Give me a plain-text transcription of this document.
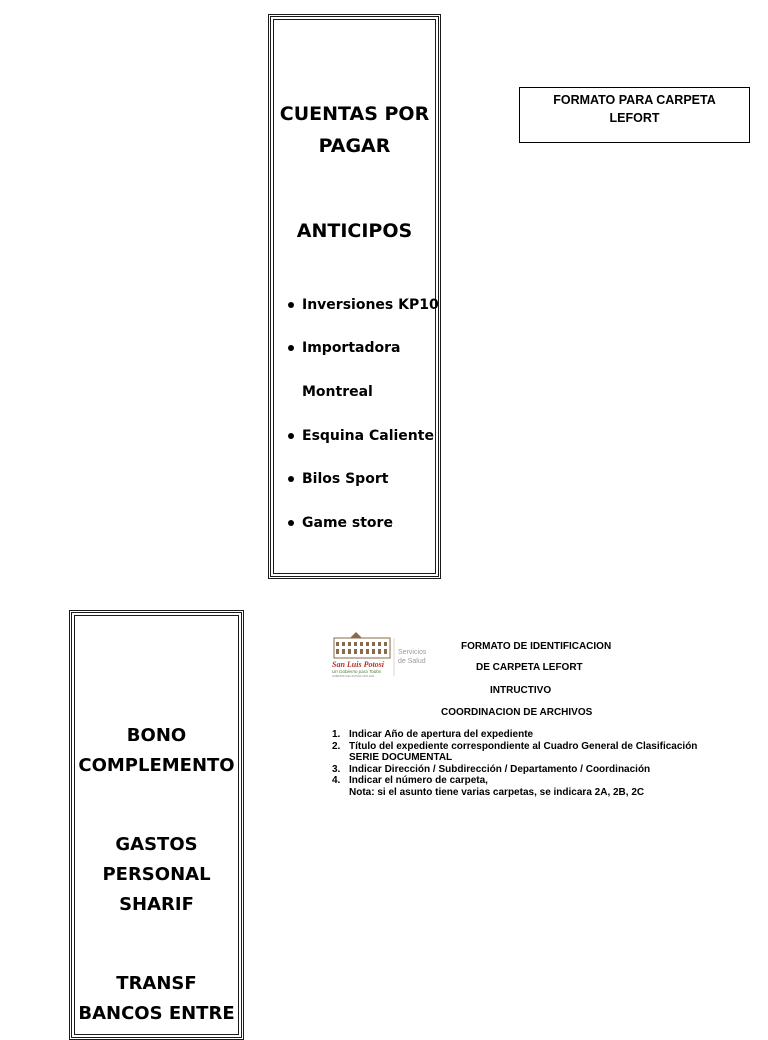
CUENTAS POR

PAGAR

ANTICIPOS

Inversiones KP10
Importadora
Montreal
Esquina Caliente
Bilos Sport
Game store
FORMATO PARA CARPETA
LEFORT

BONO

COMPLEMENTO

GASTOS

PERSONAL

SHARIF

TRANSF

BANCOS ENTRE

San Luis Potosí
Un Gobierno para Todos
GOBIERNO DEL ESTADO 2015-2021
Servicios
de Salud
FORMATO DE IDENTIFICACION
DE CARPETA LEFORT
INTRUCTIVO
COORDINACION DE ARCHIVOS
1. Indicar Año de apertura del expediente
2. Título del expediente correspondiente al Cuadro General de Clasificación
SERIE DOCUMENTAL
3. Indicar Dirección / Subdirección / Departamento / Coordinación
4. Indicar el número de carpeta,
Nota: si el asunto tiene varias carpetas, se indicara 2A, 2B, 2C
